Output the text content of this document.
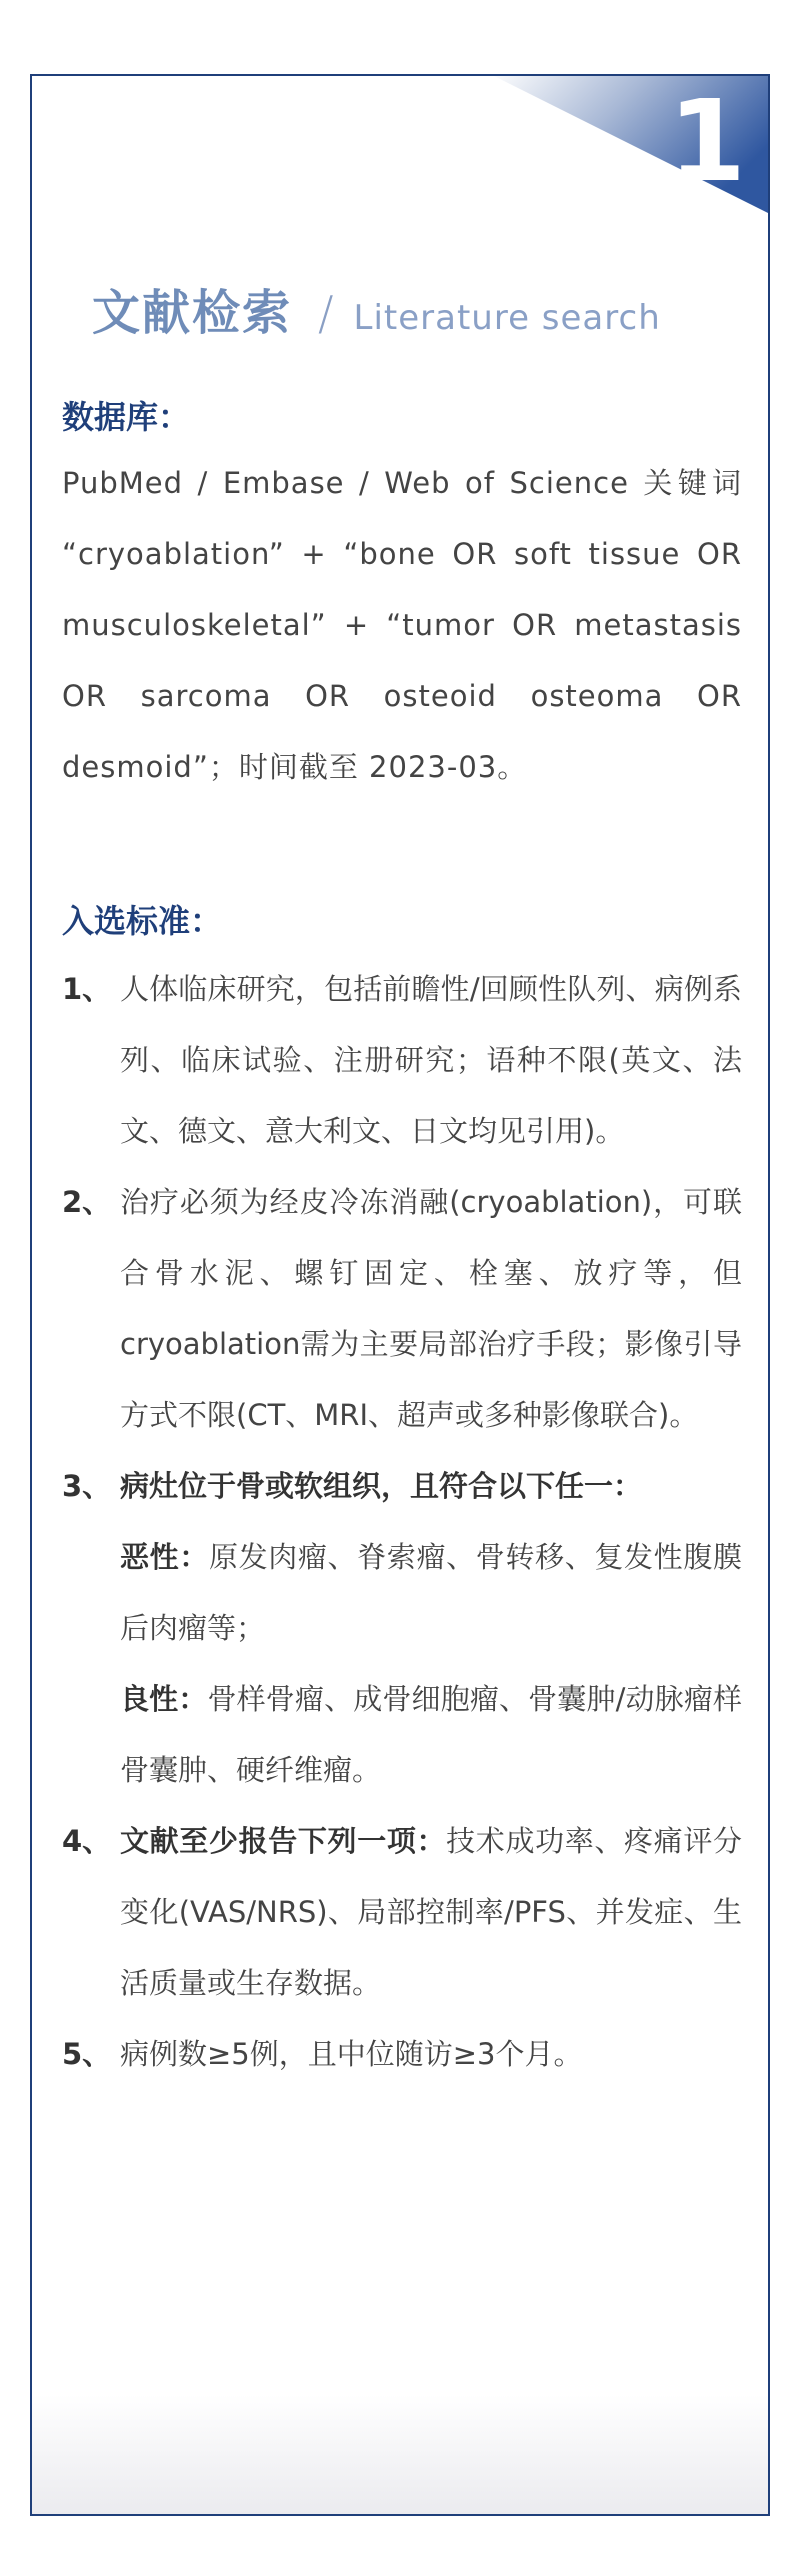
1
文献检索 / Literature search
数据库：

PubMed / Embase / Web of Science 关键词 “cryoablation” + “bone OR soft tissue OR musculoskeletal” + “tumor OR metastasis OR sarcoma OR osteoid osteoma OR desmoid”；时间截至 2023-03。

入选标准：
1、 人体临床研究，包括前瞻性/回顾性队列、病例系列、临床试验、注册研究；语种不限(英文、法文、德文、意大利文、日文均见引用)。
2、 治疗必须为经皮冷冻消融(cryoablation)，可联合骨水泥、螺钉固定、栓塞、放疗等，但cryoablation需为主要局部治疗手段；影像引导方式不限(CT、MRI、超声或多种影像联合)。
3、 病灶位于骨或软组织，且符合以下任一：
恶性：原发肉瘤、脊索瘤、骨转移、复发性腹膜后肉瘤等；
良性：骨样骨瘤、成骨细胞瘤、骨囊肿/动脉瘤样骨囊肿、硬纤维瘤。
4、 文献至少报告下列一项：技术成功率、疼痛评分变化(VAS/NRS)、局部控制率/PFS、并发症、生活质量或生存数据。
5、 病例数≥5例，且中位随访≥3个月。
